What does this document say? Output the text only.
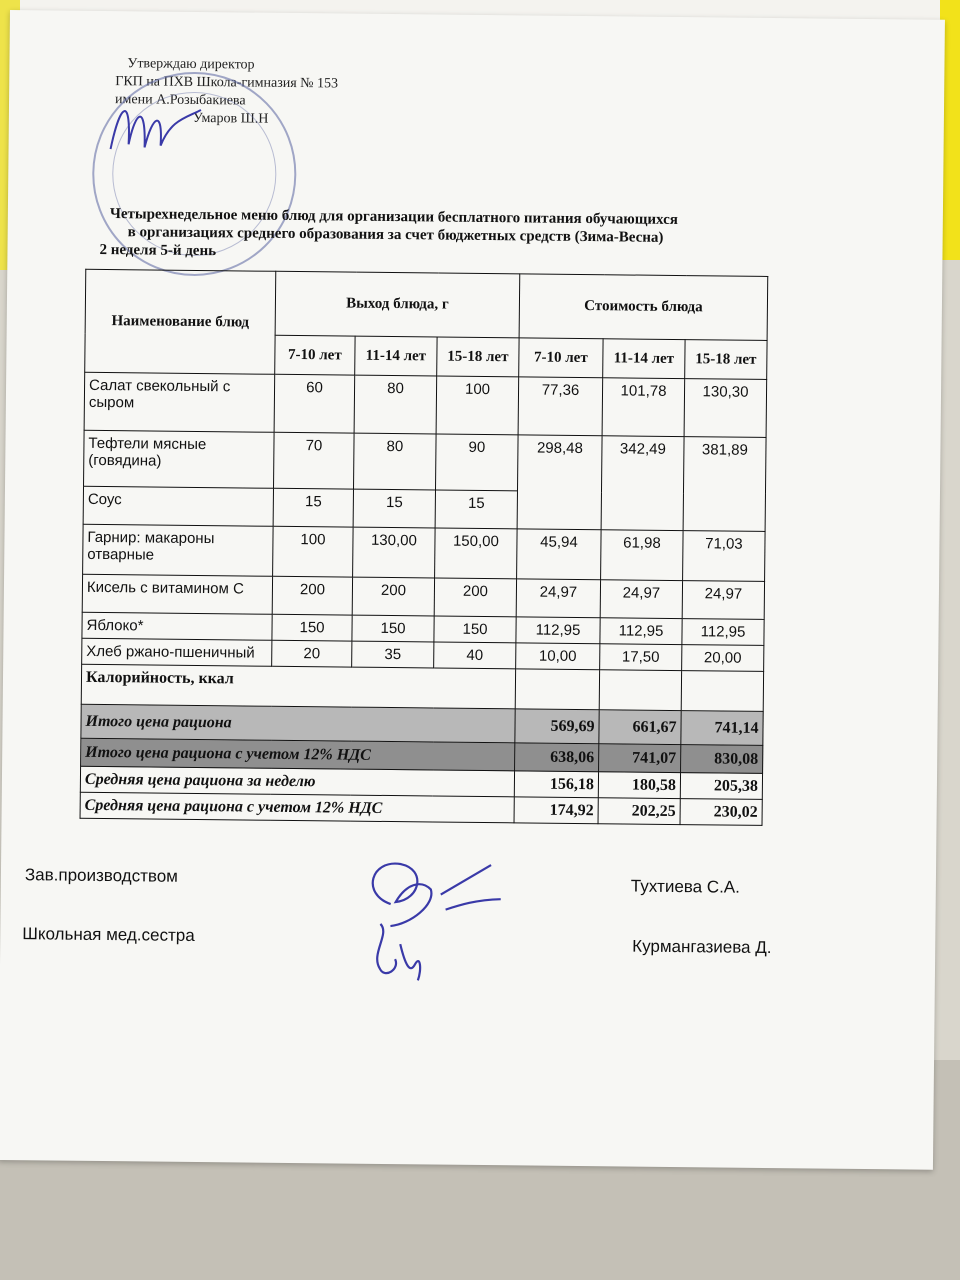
Утверждаю директор
ГКП на ПХВ Школа-гимназия № 153
имени А.Розыбакиева
Умаров Ш.Н
Четырехнедельное меню блюд для организации бесплатного питания обучающихся
в организациях среднего образования за счет бюджетных средств (Зима-Весна)
2 неделя 5-й день
Наименование блюд	Выход блюда, г			Стоимость блюда		
	7-10 лет	11-14 лет	15-18 лет	7-10 лет	11-14 лет	15-18 лет
Салат свекольный с сыром	60	80	100	77,36	101,78	130,30
Тефтели мясные (говядина)	70	80	90	298,48	342,49	381,89
Соус	15	15	15			
Гарнир: макароны отварные	100	130,00	150,00	45,94	61,98	71,03
Кисель с витамином С	200	200	200	24,97	24,97	24,97
Яблоко*	150	150	150	112,95	112,95	112,95
Хлеб ржано-пшеничный	20	35	40	10,00	17,50	20,00
Калорийность, ккал						
Итого цена рациона				569,69	661,67	741,14
Итого цена рациона с учетом 12% НДС				638,06	741,07	830,08
Средняя цена рациона за неделю				156,18	180,58	205,38
Средняя цена рациона с учетом 12% НДС				174,92	202,25	230,02
Зав.производством
Тухтиева С.А.
Школьная мед.сестра
Курмангазиева Д.
